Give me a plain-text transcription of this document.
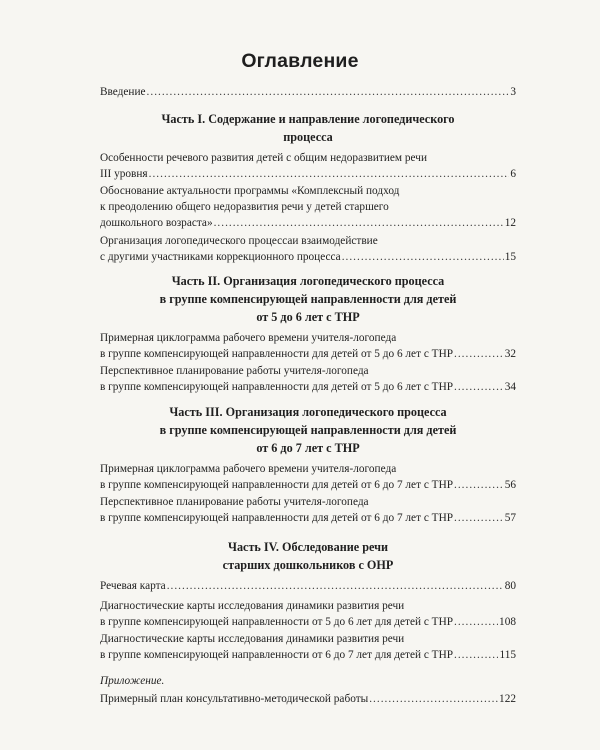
Оглавление
Введение .....	3
Часть I. Содержание и направление логопедического
процесса
Особенности речевого развития детей с общим недоразвитием речи
III уровня .....	6
Обоснование актуальности программы «Комплексный подход
к преодолению общего недоразвития речи у детей старшего
дошкольного возраста» .....	12
Организация логопедического процессаи взаимодействие
с другими участниками коррекционного процесса .....	15
Часть II. Организация логопедического процесса
в группе компенсирующей направленности для детей
от 5 до 6 лет с ТНР
Примерная циклограмма рабочего времени учителя-логопеда
в группе компенсирующей направленности для детей от 5 до 6 лет с ТНР .....	32
Перспективное планирование работы учителя-логопеда
в группе компенсирующей направленности для детей от 5 до 6 лет с ТНР .....	34
Часть III. Организация логопедического процесса
в группе компенсирующей направленности для детей
от 6 до 7 лет с ТНР
Примерная циклограмма рабочего времени учителя-логопеда
в группе компенсирующей направленности для детей от 6 до 7 лет с ТНР .....	56
Перспективное планирование работы учителя-логопеда
в группе компенсирующей направленности для детей от 6 до 7 лет с ТНР .....	57
Часть IV. Обследование речи
старших дошкольников с ОНР
Речевая карта .....	80
Диагностические карты исследования динамики развития речи
в группе компенсирующей направленности от 5 до 6 лет для детей с ТНР .....	108
Диагностические карты исследования динамики развития речи
в группе компенсирующей направленности от 6 до 7 лет для детей с ТНР .....	115
Приложение.
Примерный план консультативно-методической работы .....	122
